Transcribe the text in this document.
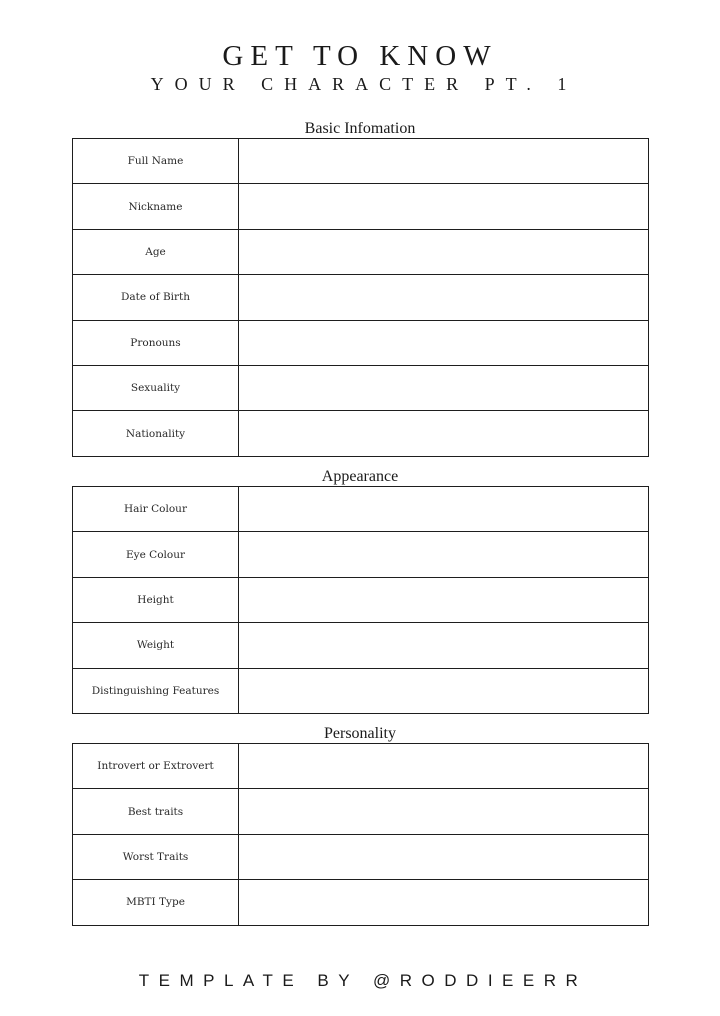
GET TO KNOW
YOUR CHARACTER PT. 1
Basic Infomation
Full Name	
Nickname	
Age	
Date of Birth	
Pronouns	
Sexuality	
Nationality	
Appearance
Hair Colour	
Eye Colour	
Height	
Weight	
Distinguishing Features	
Personality
Introvert or Extrovert	
Best traits	
Worst Traits	
MBTI Type	
TEMPLATE BY @RODDIEERR
